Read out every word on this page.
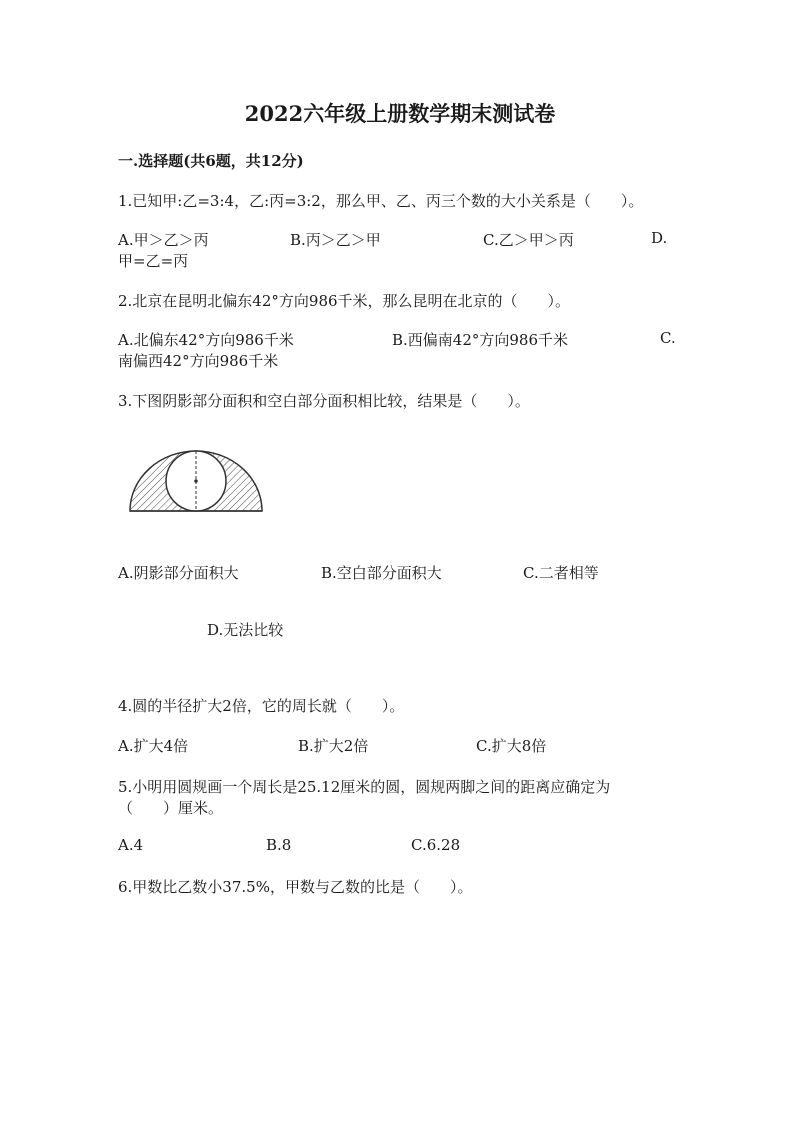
2022六年级上册数学期末测试卷
一.选择题(共6题，共12分)
1.已知甲:乙=3:4，乙:丙=3:2，那么甲、乙、丙三个数的大小关系是（　　）。
A.甲＞乙＞丙	B.丙＞乙＞甲	C.乙＞甲＞丙	D.
甲=乙=丙
2.北京在昆明北偏东42°方向986千米，那么昆明在北京的（　　）。
A.北偏东42°方向986千米	B.西偏南42°方向986千米	C.
南偏西42°方向986千米
3.下图阴影部分面积和空白部分面积相比较，结果是（　　）。
A.阴影部分面积大	B.空白部分面积大	C.二者相等
D.无法比较
4.圆的半径扩大2倍，它的周长就（　　）。
A.扩大4倍	B.扩大2倍	C.扩大8倍
5.小明用圆规画一个周长是25.12厘米的圆，圆规两脚之间的距离应确定为
（　　）厘米。
A.4	B.8	C.6.28
6.甲数比乙数小37.5%，甲数与乙数的比是（　　）。
